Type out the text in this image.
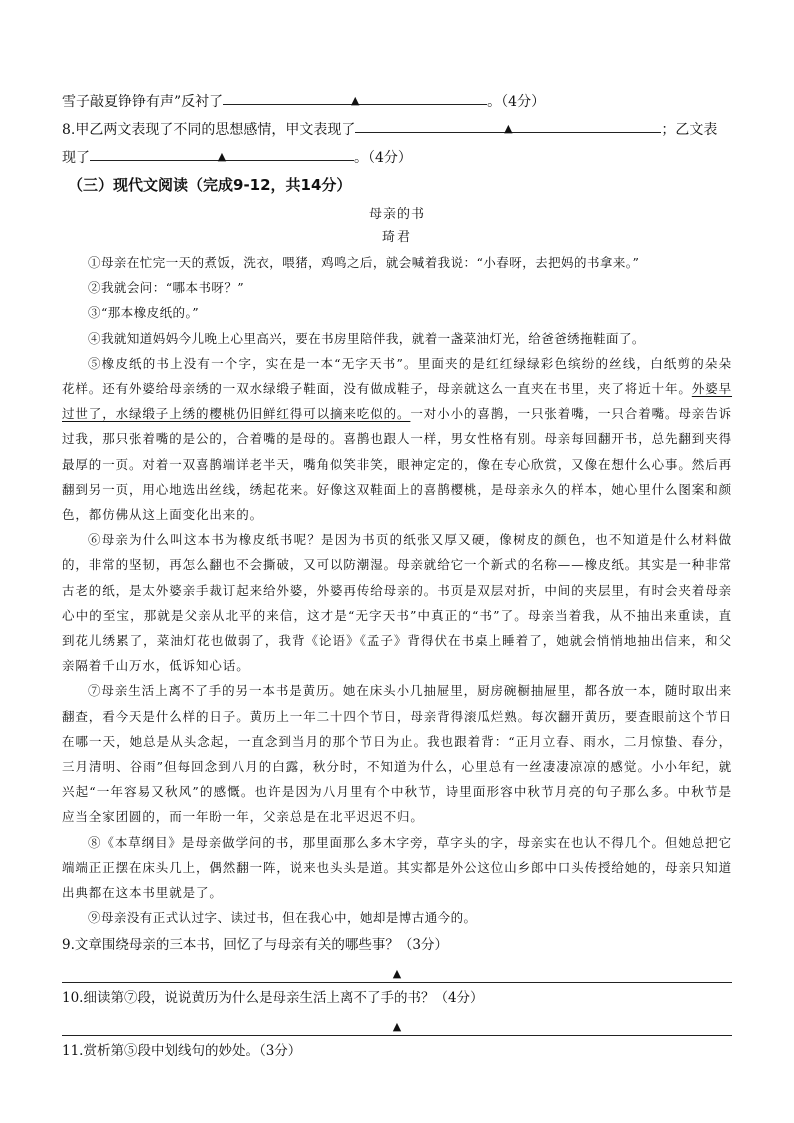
雪子敲夏铮铮有声”反衬了	▲	。（4分）
8.甲乙两文表现了不同的思想感情，甲文表现了	▲	；乙文表
现了	▲	。（4分）
（三）现代文阅读（完成9-12，共14分）
母亲的书
琦君
①母亲在忙完一天的煮饭，洗衣，喂猪，鸡鸣之后，就会喊着我说：“小春呀，去把妈的书拿来。”
②我就会问：“哪本书呀？”
③“那本橡皮纸的。”
④我就知道妈妈今儿晚上心里高兴，要在书房里陪伴我，就着一盏菜油灯光，给爸爸绣拖鞋面了。
⑤橡皮纸的书上没有一个字，实在是一本“无字天书”。里面夹的是红红绿绿彩色缤纷的丝线，白纸剪的朵朵花样。还有外婆给母亲绣的一双水绿缎子鞋面，没有做成鞋子，母亲就这么一直夹在书里，夹了将近十年。外婆早过世了，水绿缎子上绣的樱桃仍旧鲜红得可以摘来吃似的。一对小小的喜鹊，一只张着嘴，一只合着嘴。母亲告诉过我，那只张着嘴的是公的，合着嘴的是母的。喜鹊也跟人一样，男女性格有别。母亲每回翻开书，总先翻到夹得最厚的一页。对着一双喜鹊端详老半天，嘴角似笑非笑，眼神定定的，像在专心欣赏，又像在想什么心事。然后再翻到另一页，用心地选出丝线，绣起花来。好像这双鞋面上的喜鹊樱桃，是母亲永久的样本，她心里什么图案和颜色，都仿佛从这上面变化出来的。
⑥母亲为什么叫这本书为橡皮纸书呢？是因为书页的纸张又厚又硬，像树皮的颜色，也不知道是什么材料做的，非常的坚韧，再怎么翻也不会撕破，又可以防潮湿。母亲就给它一个新式的名称——橡皮纸。其实是一种非常古老的纸，是太外婆亲手裁订起来给外婆，外婆再传给母亲的。书页是双层对折，中间的夹层里，有时会夹着母亲心中的至宝，那就是父亲从北平的来信，这才是“无字天书”中真正的“书”了。母亲当着我，从不抽出来重读，直到花儿绣累了，菜油灯花也做弱了，我背《论语》《孟子》背得伏在书桌上睡着了，她就会悄悄地抽出信来，和父亲隔着千山万水，低诉知心话。
⑦母亲生活上离不了手的另一本书是黄历。她在床头小几抽屉里，厨房碗橱抽屉里，都各放一本，随时取出来翻查，看今天是什么样的日子。黄历上一年二十四个节日，母亲背得滚瓜烂熟。每次翻开黄历，要查眼前这个节日在哪一天，她总是从头念起，一直念到当月的那个节日为止。我也跟着背：“正月立春、雨水，二月惊蛰、春分，三月清明、谷雨”但每回念到八月的白露，秋分时，不知道为什么，心里总有一丝凄凄凉凉的感觉。小小年纪，就兴起“一年容易又秋风”的感慨。也许是因为八月里有个中秋节，诗里面形容中秋节月亮的句子那么多。中秋节是应当全家团圆的，而一年盼一年，父亲总是在北平迟迟不归。
⑧《本草纲目》是母亲做学问的书，那里面那么多木字旁，草字头的字，母亲实在也认不得几个。但她总把它端端正正摆在床头几上，偶然翻一阵，说来也头头是道。其实都是外公这位山乡郎中口头传授给她的，母亲只知道出典都在这本书里就是了。
⑨母亲没有正式认过字、读过书，但在我心中，她却是博古通今的。
9.文章围绕母亲的三本书，回忆了与母亲有关的哪些事？（3分）
▲
10.细读第⑦段，说说黄历为什么是母亲生活上离不了手的书？（4分）
▲
11.赏析第⑤段中划线句的妙处。（3分）
